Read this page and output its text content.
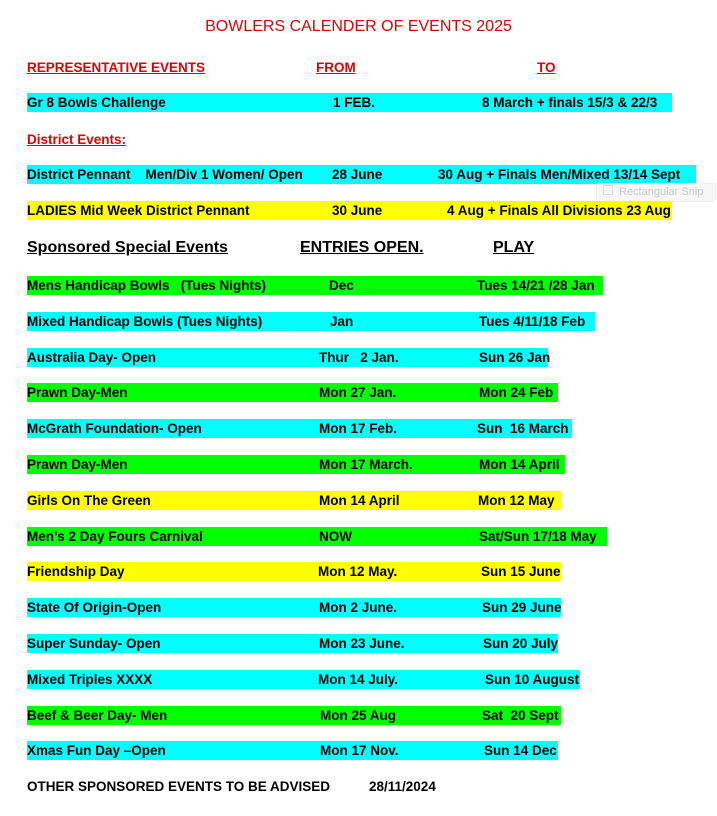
BOWLERS CALENDER OF EVENTS 2025
REPRESENTATIVE EVENTS	FROM	TO
Gr 8 Bowls Challenge	1 FEB.	8 March + finals 15/3 & 22/3
District Events:
District Pennant    Men/Div 1 Women/ Open 28 June	30 Aug + Finals Men/Mixed 13/14 Sept
Rectangular Snip
LADIES Mid Week District Pennant	30 June	4 Aug + Finals All Divisions 23 Aug
Sponsored Special Events	ENTRIES OPEN.	PLAY
Mens Handicap Bowls   (Tues Nights)	Dec	Tues 14/21 /28 Jan
Mixed Handicap Bowls (Tues Nights)	Jan	Tues 4/11/18 Feb
Australia Day- Open	Thur   2 Jan.	Sun 26 Jan
Prawn Day-Men	Mon 27 Jan.	Mon 24 Feb
McGrath Foundation- Open	Mon 17 Feb.	Sun  16 March
Prawn Day-Men	Mon 17 March.	Mon 14 April
Girls On The Green	Mon 14 April	Mon 12 May
Men’s 2 Day Fours Carnival	NOW	Sat/Sun 17/18 May
Friendship Day	Mon 12 May.	Sun 15 June
State Of Origin-Open	Mon 2 June.	Sun 29 June
Super Sunday- Open	Mon 23 June.	Sun 20 July
Mixed Triples XXXX	Mon 14 July.	Sun 10 August
Beef & Beer Day- Men	Mon 25 Aug	Sat  20 Sept
Xmas Fun Day –Open	Mon 17 Nov.	Sun 14 Dec
OTHER SPONSORED EVENTS TO BE ADVISED	28/11/2024
